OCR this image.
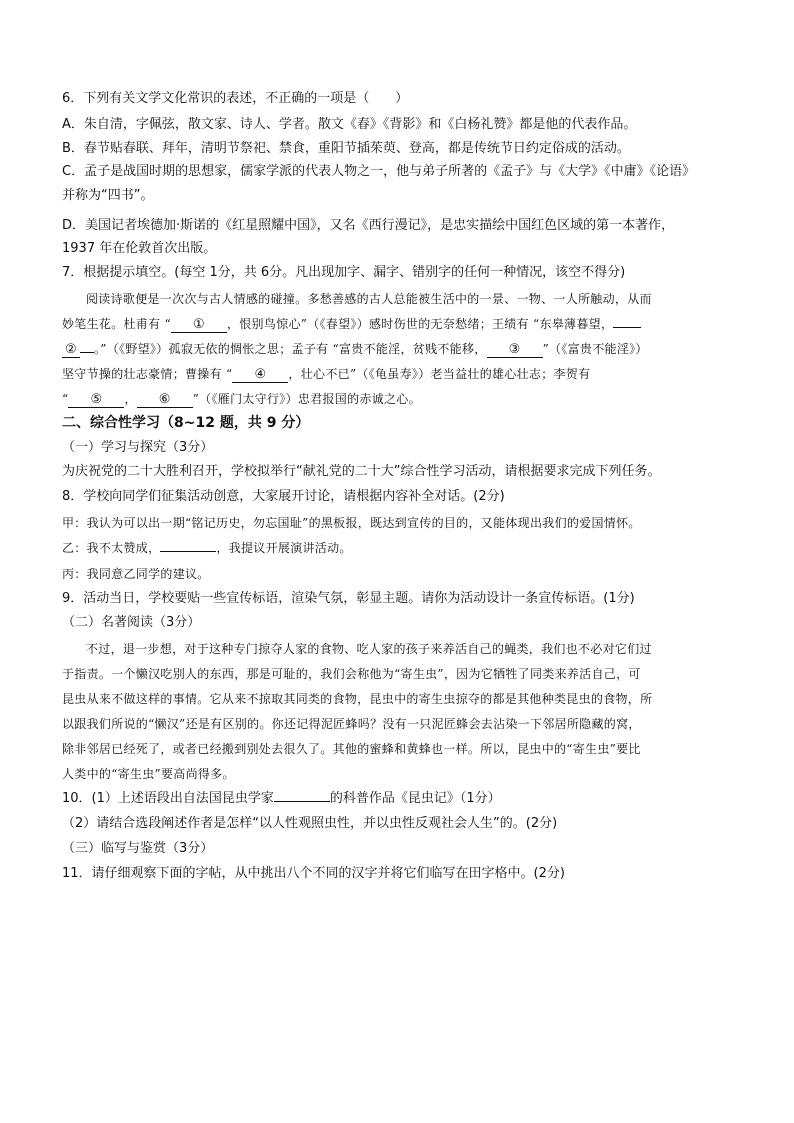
6．下列有关文学文化常识的表述，不正确的一项是（　　）
A．朱自清，字佩弦，散文家、诗人、学者。散文《春》《背影》和《白杨礼赞》都是他的代表作品。
B．春节贴春联、拜年，清明节祭祀、禁食，重阳节插茱萸、登高，都是传统节日约定俗成的活动。
C．孟子是战国时期的思想家，儒家学派的代表人物之一，他与弟子所著的《孟子》与《大学》《中庸》《论语》
并称为“四书”。
D．美国记者埃德加·斯诺的《红星照耀中国》，又名《西行漫记》，是忠实描绘中国红色区域的第一本著作，
1937 年在伦敦首次出版。
7．根据提示填空。(每空 1分，共 6分。凡出现加字、漏字、错别字的任何一种情况，该空不得分)
阅读诗歌便是一次次与古人情感的碰撞。多愁善感的古人总能被生活中的一景、一物、一人所触动，从而
妙笔生花。杜甫有 “ ① ，恨别鸟惊心”（《春望》）感时伤世的无奈愁绪；王绩有 “东皋薄暮望，
② 。”（《野望》）孤寂无依的惆怅之思；孟子有 “富贵不能淫，贫贱不能移， ③ ”（《富贵不能淫》）
坚守节操的壮志豪情；曹操有 “ ④ ，壮心不已”（《龟虽寿》）老当益壮的雄心壮志；李贺有
“ ⑤ ， ⑥ ”（《雁门太守行》）忠君报国的赤诚之心。
二、综合性学习（8~12 题，共 9 分）
（一）学习与探究（3分）
为庆祝党的二十大胜利召开，学校拟举行“献礼党的二十大”综合性学习活动，请根据要求完成下列任务。
8．学校向同学们征集活动创意，大家展开讨论，请根据内容补全对话。(2分)
甲：我认为可以出一期“铭记历史，勿忘国耻”的黑板报，既达到宣传的目的，又能体现出我们的爱国情怀。
乙：我不太赞成，	，我提议开展演讲活动。
丙：我同意乙同学的建议。
9．活动当日，学校要贴一些宣传标语，渲染气氛，彰显主题。请你为活动设计一条宣传标语。(1分)
（二）名著阅读（3分）
不过，退一步想，对于这种专门掠夺人家的食物、吃人家的孩子来养活自己的蝇类，我们也不必对它们过
于指责。一个懒汉吃别人的东西，那是可耻的，我们会称他为“寄生虫”，因为它牺牲了同类来养活自己，可
昆虫从来不做这样的事情。它从来不掠取其同类的食物，昆虫中的寄生虫掠夺的都是其他种类昆虫的食物，所
以跟我们所说的“懒汉”还是有区别的。你还记得泥匠蜂吗？没有一只泥匠蜂会去沾染一下邻居所隐藏的窝，
除非邻居已经死了，或者已经搬到别处去很久了。其他的蜜蜂和黄蜂也一样。所以，昆虫中的“寄生虫”要比
人类中的“寄生虫”要高尚得多。
10．(1）上述语段出自法国昆虫学家	的科普作品《昆虫记》（1分）
（2）请结合选段阐述作者是怎样“以人性观照虫性，并以虫性反观社会人生”的。(2分)
（三）临写与鉴赏（3分）
11．请仔细观察下面的字帖，从中挑出八个不同的汉字并将它们临写在田字格中。(2分)
